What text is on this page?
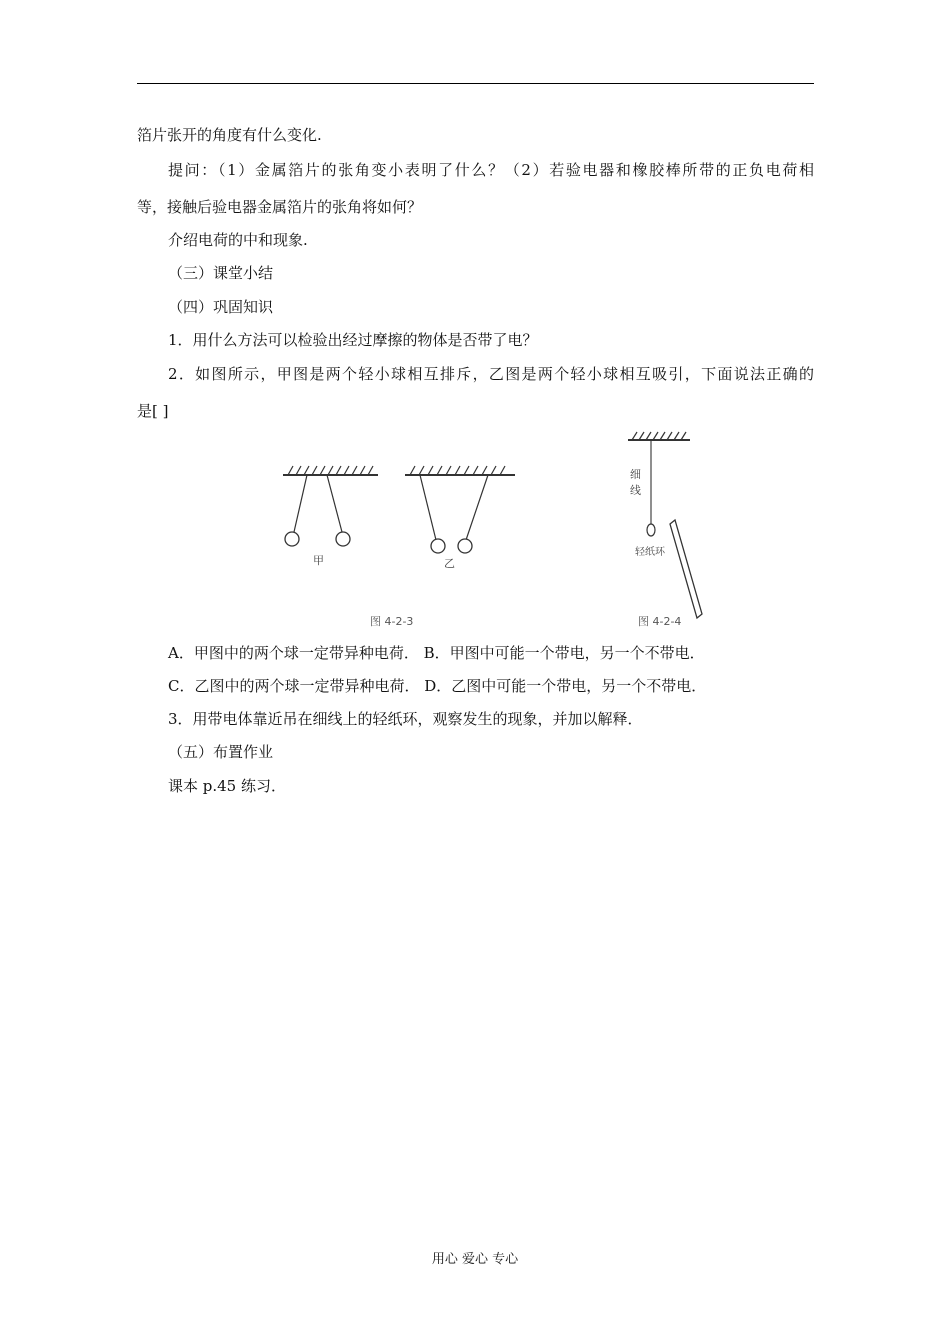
箔片张开的角度有什么变化.
提问：（1）金属箔片的张角变小表明了什么？（2）若验电器和橡胶棒所带的正负电荷相
等，接触后验电器金属箔片的张角将如何？
介绍电荷的中和现象.
（三）课堂小结
（四）巩固知识
1．用什么方法可以检验出经过摩擦的物体是否带了电？
2．如图所示，甲图是两个轻小球相互排斥，乙图是两个轻小球相互吸引，下面说法正确的
是[ ]
甲	乙
图 4-2-3
细
线
轻纸环
图 4-2-4
A．甲图中的两个球一定带异种电荷． B．甲图中可能一个带电，另一个不带电．
C．乙图中的两个球一定带异种电荷． D．乙图中可能一个带电，另一个不带电．
3．用带电体靠近吊在细线上的轻纸环，观察发生的现象，并加以解释．
（五）布置作业
课本 p.45 练习．
用心 爱心 专心
